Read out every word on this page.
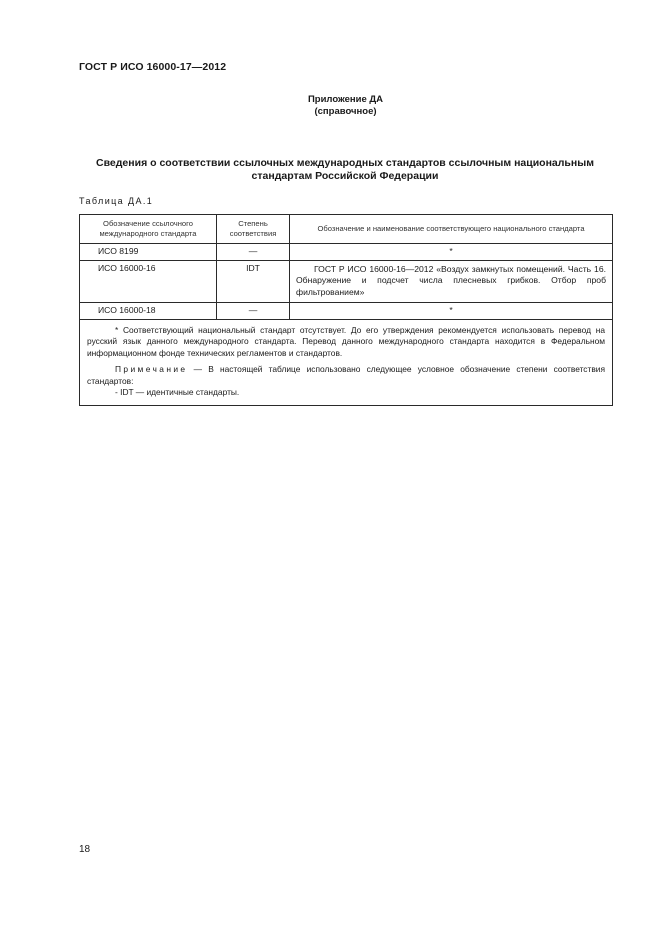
ГОСТ Р ИСО 16000-17—2012
Приложение ДА
(справочное)
Сведения о соответствии ссылочных международных стандартов ссылочным национальным стандартам Российской Федерации
Таблица ДА.1
Обозначение ссылочного международного стандарта	Степень соответствия	Обозначение и наименование соответствующего национального стандарта
ИСО 8199	—	*
ИСО 16000-16	IDT	ГОСТ Р ИСО 16000-16—2012 «Воздух замкнутых помещений. Часть 16. Обнаружение и подсчет числа плесневых грибков. Отбор проб фильтрованием»
ИСО 16000-18	—	*

* Соответствующий национальный стандарт отсутствует. До его утверждения рекомендуется использовать перевод на русский язык данного международного стандарта. Перевод данного международного стандарта находится в Федеральном информационном фонде технических регламентов и стандартов.

Примечание — В настоящей таблице использовано следующее условное обозначение степени соответствия стандартов:

- IDT — идентичные стандарты.		

18
